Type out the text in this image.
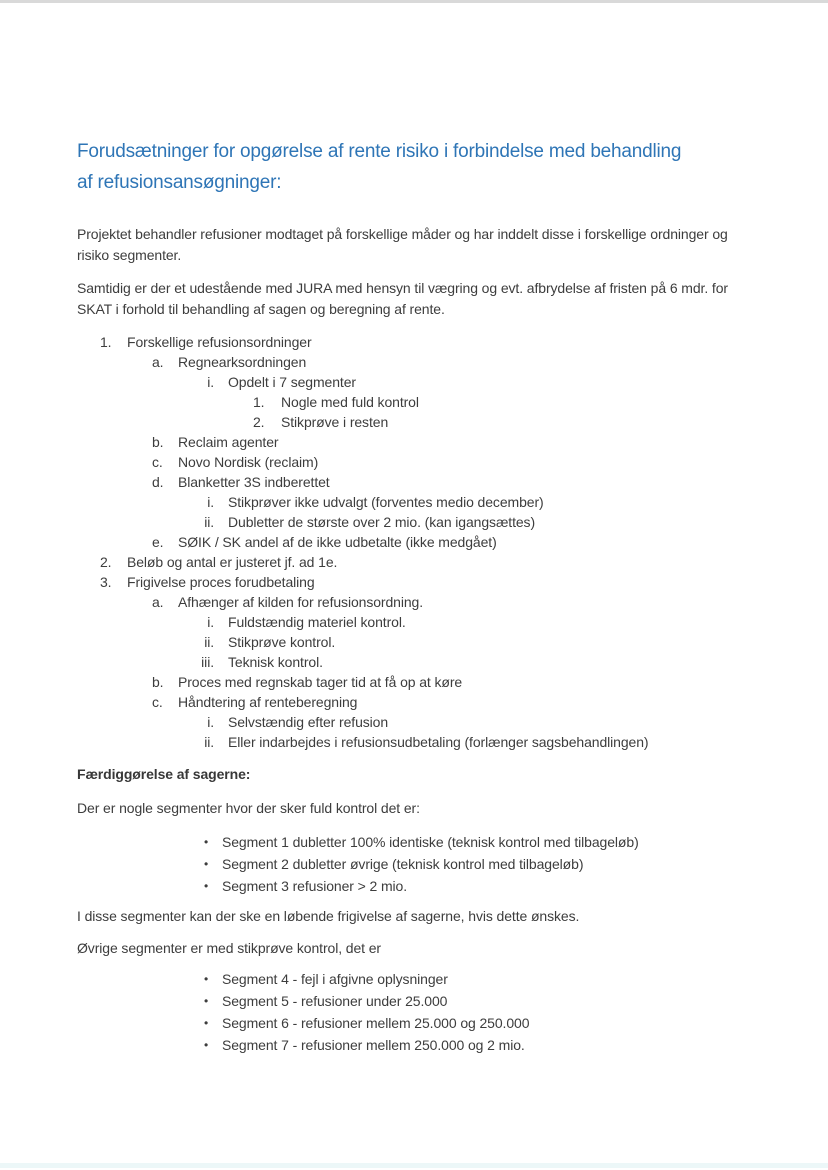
Forudsætninger for opgørelse af rente risiko i forbindelse med behandling
af refusionsansøgninger:
Projektet behandler refusioner modtaget på forskellige måder og har inddelt disse i forskellige ordninger og
risiko segmenter.
Samtidig er der et udestående med JURA med hensyn til vægring og evt. afbrydelse af fristen på 6 mdr. for
SKAT i forhold til behandling af sagen og beregning af rente.
1. Forskellige refusionsordninger
a. Regnearksordningen
i. Opdelt i 7 segmenter
1. Nogle med fuld kontrol
2. Stikprøve i resten
b. Reclaim agenter
c. Novo Nordisk (reclaim)
d. Blanketter 3S indberettet
i. Stikprøver ikke udvalgt (forventes medio december)
ii. Dubletter de største over 2 mio. (kan igangsættes)
e. SØIK / SK andel af de ikke udbetalte (ikke medgået)
2. Beløb og antal er justeret jf. ad 1e.
3. Frigivelse proces forudbetaling
a. Afhænger af kilden for refusionsordning.
i. Fuldstændig materiel kontrol.
ii. Stikprøve kontrol.
iii. Teknisk kontrol.
b. Proces med regnskab tager tid at få op at køre
c. Håndtering af renteberegning
i. Selvstændig efter refusion
ii. Eller indarbejdes i refusionsudbetaling (forlænger sagsbehandlingen)
Færdiggørelse af sagerne:
Der er nogle segmenter hvor der sker fuld kontrol det er:
• Segment 1 dubletter 100% identiske (teknisk kontrol med tilbageløb)
• Segment 2 dubletter øvrige (teknisk kontrol med tilbageløb)
• Segment 3 refusioner > 2 mio.
I disse segmenter kan der ske en løbende frigivelse af sagerne, hvis dette ønskes.
Øvrige segmenter er med stikprøve kontrol, det er
• Segment 4 - fejl i afgivne oplysninger
• Segment 5 - refusioner under 25.000
• Segment 6 - refusioner mellem 25.000 og 250.000
• Segment 7 - refusioner mellem 250.000 og 2 mio.
